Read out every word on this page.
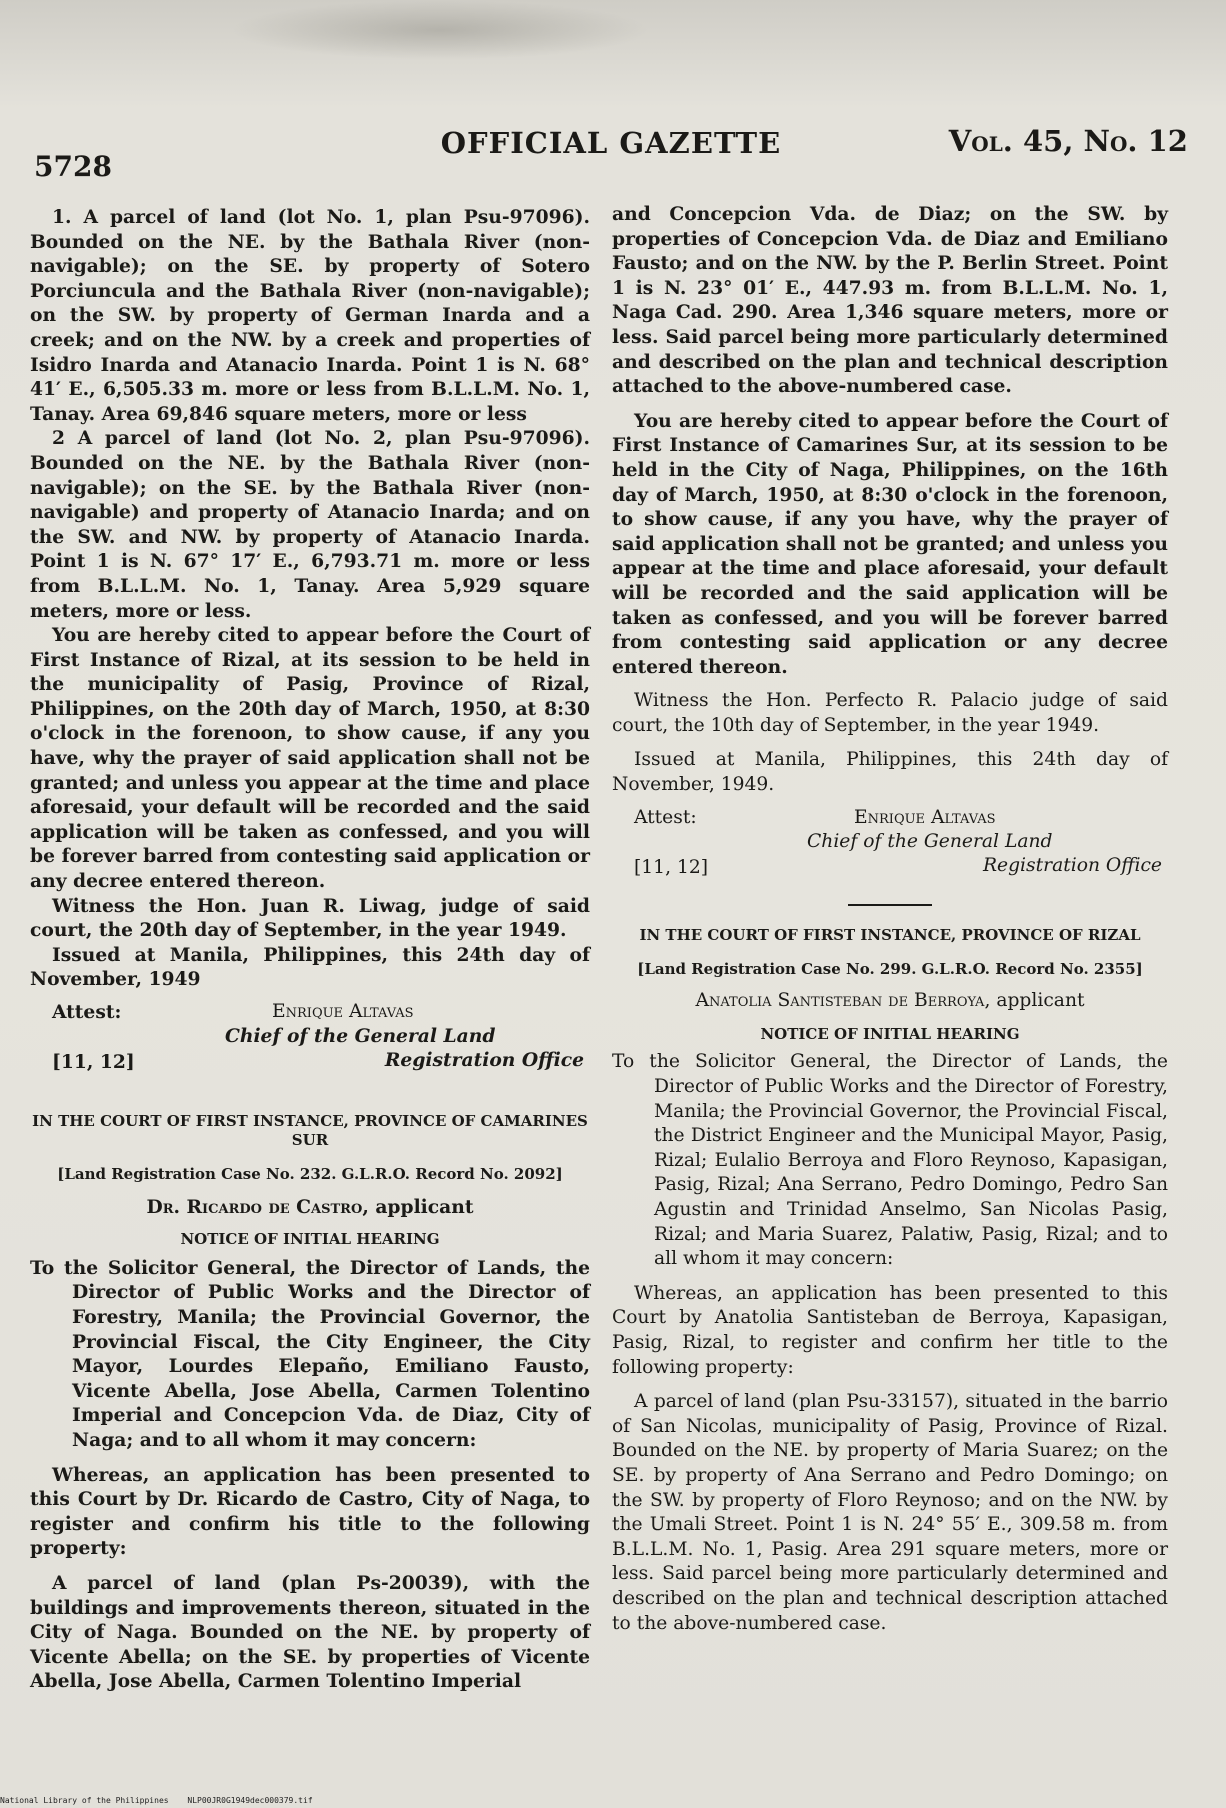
5728
OFFICIAL GAZETTE	Vol. 45, No. 12

1. A parcel of land (lot No. 1, plan Psu-97096). Bounded on the NE. by the Bathala River (non-navigable); on the SE. by property of Sotero Porciuncula and the Bathala River (non-navigable); on the SW. by property of German Inarda and a creek; and on the NW. by a creek and properties of Isidro Inarda and Atanacio Inarda. Point 1 is N. 68° 41′ E., 6,505.33 m. more or less from B.L.L.M. No. 1, Tanay. Area 69,846 square meters, more or less

2 A parcel of land (lot No. 2, plan Psu-97096). Bounded on the NE. by the Bathala River (non-navigable); on the SE. by the Bathala River (non-navigable) and property of Atanacio Inarda; and on the SW. and NW. by property of Atanacio Inarda. Point 1 is N. 67° 17′ E., 6,793.71 m. more or less from B.L.L.M. No. 1, Tanay. Area 5,929 square meters, more or less.

You are hereby cited to appear before the Court of First Instance of Rizal, at its session to be held in the municipality of Pasig, Province of Rizal, Philippines, on the 20th day of March, 1950, at 8:30 o'clock in the forenoon, to show cause, if any you have, why the prayer of said application shall not be granted; and unless you appear at the time and place aforesaid, your default will be recorded and the said application will be taken as confessed, and you will be forever barred from contesting said application or any decree entered thereon.

Witness the Hon. Juan R. Liwag, judge of said court, the 20th day of September, in the year 1949.

Issued at Manila, Philippines, this 24th day of November, 1949

Attest:	Enrique Altavas
Chief of the General Land
[11, 12]	Registration Office
IN THE COURT OF FIRST INSTANCE, PROVINCE OF CAMARINES SUR
[Land Registration Case No. 232. G.L.R.O. Record No. 2092]
Dr. Ricardo de Castro, applicant
NOTICE OF INITIAL HEARING

To the Solicitor General, the Director of Lands, the Director of Public Works and the Director of Forestry, Manila; the Provincial Governor, the Provincial Fiscal, the City Engineer, the City Mayor, Lourdes Elepaño, Emiliano Fausto, Vicente Abella, Jose Abella, Carmen Tolentino Imperial and Concepcion Vda. de Diaz, City of Naga; and to all whom it may concern:

Whereas, an application has been presented to this Court by Dr. Ricardo de Castro, City of Naga, to register and confirm his title to the following property:

A parcel of land (plan Ps-20039), with the buildings and improvements thereon, situated in the City of Naga. Bounded on the NE. by property of Vicente Abella; on the SE. by properties of Vicente Abella, Jose Abella, Carmen Tolentino Imperial

and Concepcion Vda. de Diaz; on the SW. by properties of Concepcion Vda. de Diaz and Emiliano Fausto; and on the NW. by the P. Berlin Street. Point 1 is N. 23° 01′ E., 447.93 m. from B.L.L.M. No. 1, Naga Cad. 290. Area 1,346 square meters, more or less. Said parcel being more particularly determined and described on the plan and technical description attached to the above-numbered case.

You are hereby cited to appear before the Court of First Instance of Camarines Sur, at its session to be held in the City of Naga, Philippines, on the 16th day of March, 1950, at 8:30 o'clock in the forenoon, to show cause, if any you have, why the prayer of said application shall not be granted; and unless you appear at the time and place aforesaid, your default will be recorded and the said application will be taken as confessed, and you will be forever barred from contesting said application or any decree entered thereon.

Witness the Hon. Perfecto R. Palacio judge of said court, the 10th day of September, in the year 1949.

Issued at Manila, Philippines, this 24th day of November, 1949.

Attest:	Enrique Altavas
Chief of the General Land
[11, 12]	Registration Office
IN THE COURT OF FIRST INSTANCE, PROVINCE OF RIZAL
[Land Registration Case No. 299. G.L.R.O. Record No. 2355]
Anatolia Santisteban de Berroya, applicant
NOTICE OF INITIAL HEARING

To the Solicitor General, the Director of Lands, the Director of Public Works and the Director of Forestry, Manila; the Provincial Governor, the Provincial Fiscal, the District Engineer and the Municipal Mayor, Pasig, Rizal; Eulalio Berroya and Floro Reynoso, Kapasigan, Pasig, Rizal; Ana Serrano, Pedro Domingo, Pedro San Agustin and Trinidad Anselmo, San Nicolas Pasig, Rizal; and Maria Suarez, Palatiw, Pasig, Rizal; and to all whom it may concern:

Whereas, an application has been presented to this Court by Anatolia Santisteban de Berroya, Kapasigan, Pasig, Rizal, to register and confirm her title to the following property:

A parcel of land (plan Psu-33157), situated in the barrio of San Nicolas, municipality of Pasig, Province of Rizal. Bounded on the NE. by property of Maria Suarez; on the SE. by property of Ana Serrano and Pedro Domingo; on the SW. by property of Floro Reynoso; and on the NW. by the Umali Street. Point 1 is N. 24° 55′ E., 309.58 m. from B.L.L.M. No. 1, Pasig. Area 291 square meters, more or less. Said parcel being more particularly determined and described on the plan and technical description attached to the above-numbered case.

National Library of the Philippines NLP00JR0G1949dec000379.tif
